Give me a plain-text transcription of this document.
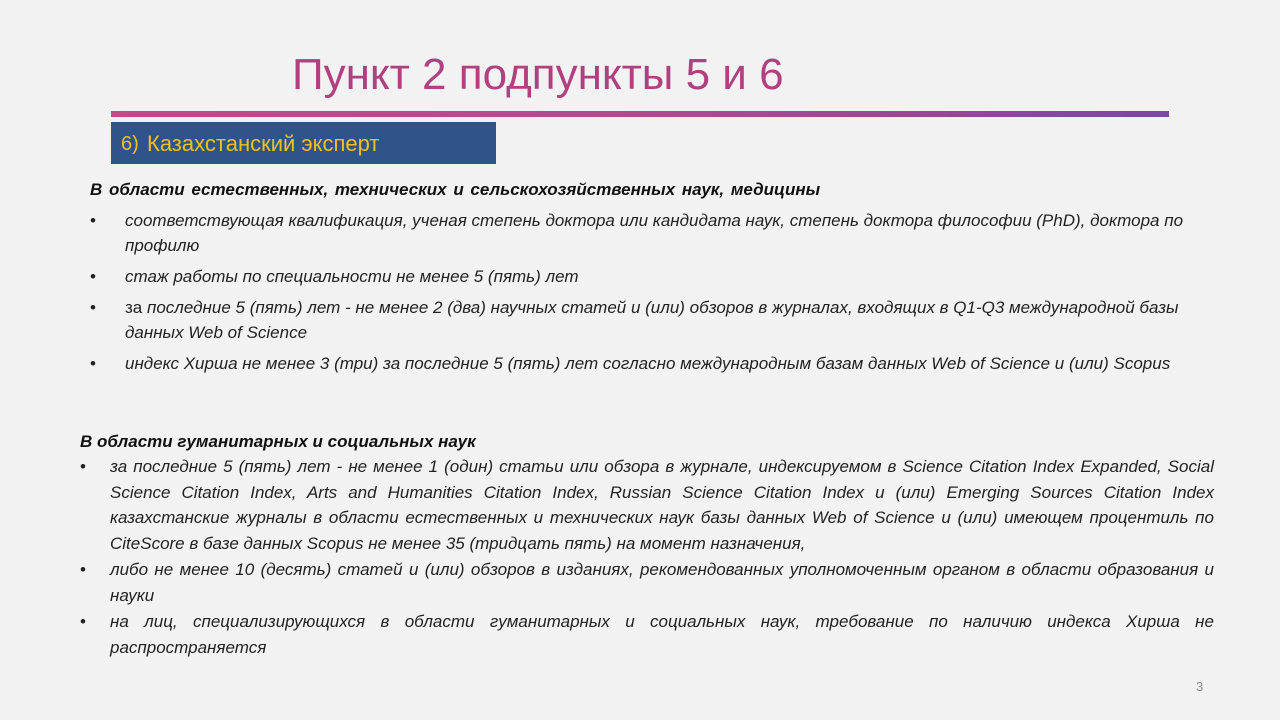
Пункт 2 подпункты 5 и 6
6) Казахстанский эксперт
В области естественных, технических и сельскохозяйственных наук, медицины
• соответствующая квалификация, ученая степень доктора или кандидата наук, степень доктора философии (PhD), доктора по профилю
• стаж работы по специальности не менее 5 (пять) лет
• за последние 5 (пять) лет - не менее 2 (два) научных статей и (или) обзоров в журналах, входящих в Q1-Q3 международной базы данных Web of Science
• индекс Хирша не менее 3 (три) за последние 5 (пять) лет согласно международным базам данных Web of Science и (или) Scopus
В области гуманитарных и социальных наук
• за последние 5 (пять) лет - не менее 1 (один) статьи или обзора в журнале, индексируемом в Science Citation Index Expanded, Social Science Citation Index, Arts and Humanities Citation Index, Russian Science Citation Index и (или) Emerging Sources Citation Index казахстанские журналы в области естественных и технических наук базы данных Web of Science и (или) имеющем процентиль по CiteScore в базе данных Scopus не менее 35 (тридцать пять) на момент назначения,
• либо не менее 10 (десять) статей и (или) обзоров в изданиях, рекомендованных уполномоченным органом в области образования и науки
• на лиц, специализирующихся в области гуманитарных и социальных наук, требование по наличию индекса Хирша не распространяется
3
